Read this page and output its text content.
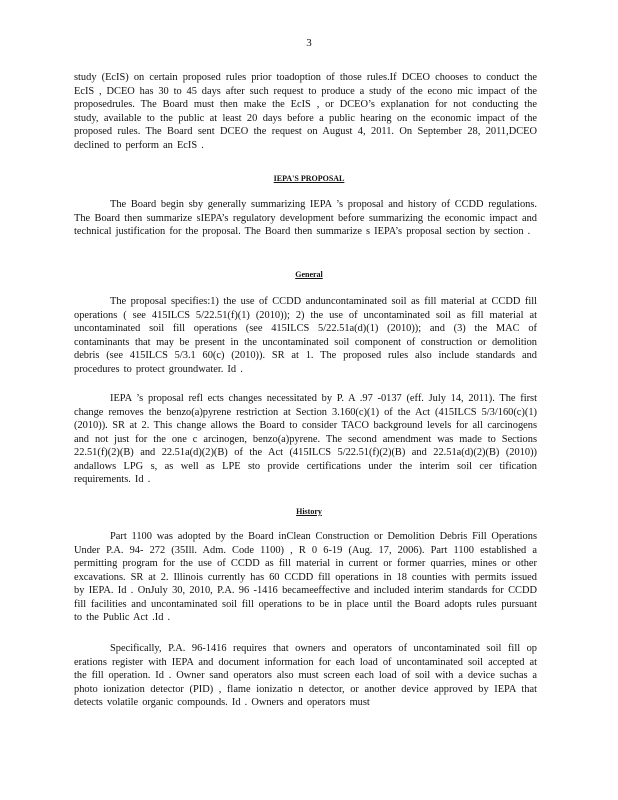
3

study (EcIS) on certain proposed rules prior toadoption of those rules.If DCEO chooses to conduct the EcIS , DCEO has 30 to 45 days after such request to produce a study of the econo mic impact of the proposedrules. The Board must then make the EcIS , or DCEO’s explanation for not conducting the study, available to the public at least 20 days before a public hearing on the economic impact of the proposed rules. The Board sent DCEO the request on August 4, 2011. On September 28, 2011,DCEO declined to perform an EcIS .

IEPA'S PROPOSAL

The Board begin sby generally summarizing IEPA ’s proposal and history of CCDD regulations. The Board then summarize sIEPA’s regulatory development before summarizing the economic impact and technical justification for the proposal. The Board then summarize s IEPA’s proposal section by section .

General

The proposal specifies:1) the use of CCDD anduncontaminated soil as fill material at CCDD fill operations ( see 415ILCS 5/22.51(f)(1) (2010)); 2) the use of uncontaminated soil as fill material at uncontaminated soil fill operations (see 415ILCS 5/22.51a(d)(1) (2010)); and (3) the MAC of contaminants that may be present in the uncontaminated soil component of construction or demolition debris (see 415ILCS 5/3.1 60(c) (2010)). SR at 1. The proposed rules also include standards and procedures to protect groundwater. Id .

IEPA ’s proposal refl ects changes necessitated by P. A .97 -0137 (eff. July 14, 2011). The first change removes the benzo(a)pyrene restriction at Section 3.160(c)(1) of the Act (415ILCS 5/3/160(c)(1) (2010)). SR at 2. This change allows the Board to consider TACO background levels for all carcinogens and not just for the one c arcinogen, benzo(a)pyrene. The second amendment was made to Sections 22.51(f)(2)(B) and 22.51a(d)(2)(B) of the Act (415ILCS 5/22.51(f)(2)(B) and 22.51a(d)(2)(B) (2010)) andallows LPG s, as well as LPE sto provide certifications under the interim soil cer tification requirements. Id .

History

Part 1100 was adopted by the Board inClean Construction or Demolition Debris Fill Operations Under P.A. 94- 272 (35Ill. Adm. Code 1100) , R 0 6-19 (Aug. 17, 2006). Part 1100 established a permitting program for the use of CCDD as fill material in current or former quarries, mines or other excavations. SR at 2. Illinois currently has 60 CCDD fill operations in 18 counties with permits issued by IEPA. Id . OnJuly 30, 2010, P.A. 96 -1416 becameeffective and included interim standards for CCDD fill facilities and uncontaminated soil fill operations to be in place until the Board adopts rules pursuant to the Public Act .Id .

Specifically, P.A. 96-1416 requires that owners and operators of uncontaminated soil fill op erations register with IEPA and document information for each load of uncontaminated soil accepted at the fill operation. Id . Owner sand operators also must screen each load of soil with a device suchas a photo ionization detector (PID) , flame ionizatio n detector, or another device approved by IEPA that detects volatile organic compounds. Id . Owners and operators must
